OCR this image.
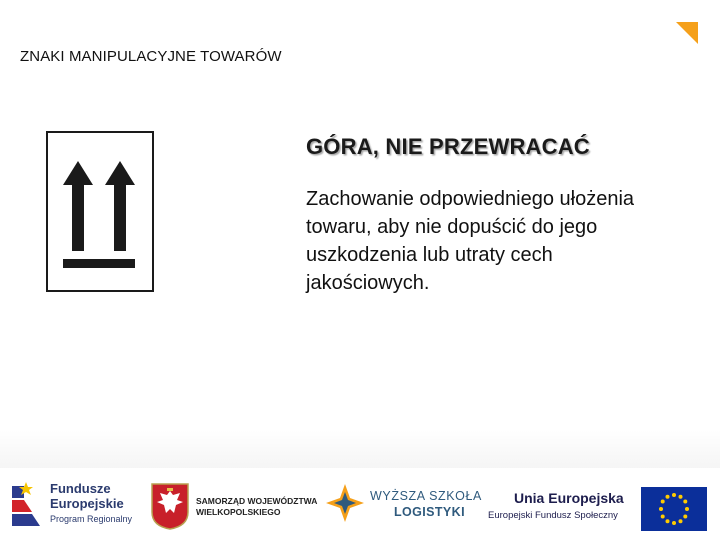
ZNAKI MANIPULACYJNE TOWARÓW
GÓRA, NIE PRZEWRACAĆ
Zachowanie odpowiedniego ułożenia towaru, aby nie dopuścić do jego uszkodzenia lub utraty cech jakościowych.
Fundusze
Europejskie
Program Regionalny
SAMORZĄD WOJEWÓDZTWA
WIELKOPOLSKIEGO
WYŻSZA SZKOŁA
LOGISTYKI
Unia Europejska
Europejski Fundusz Społeczny
